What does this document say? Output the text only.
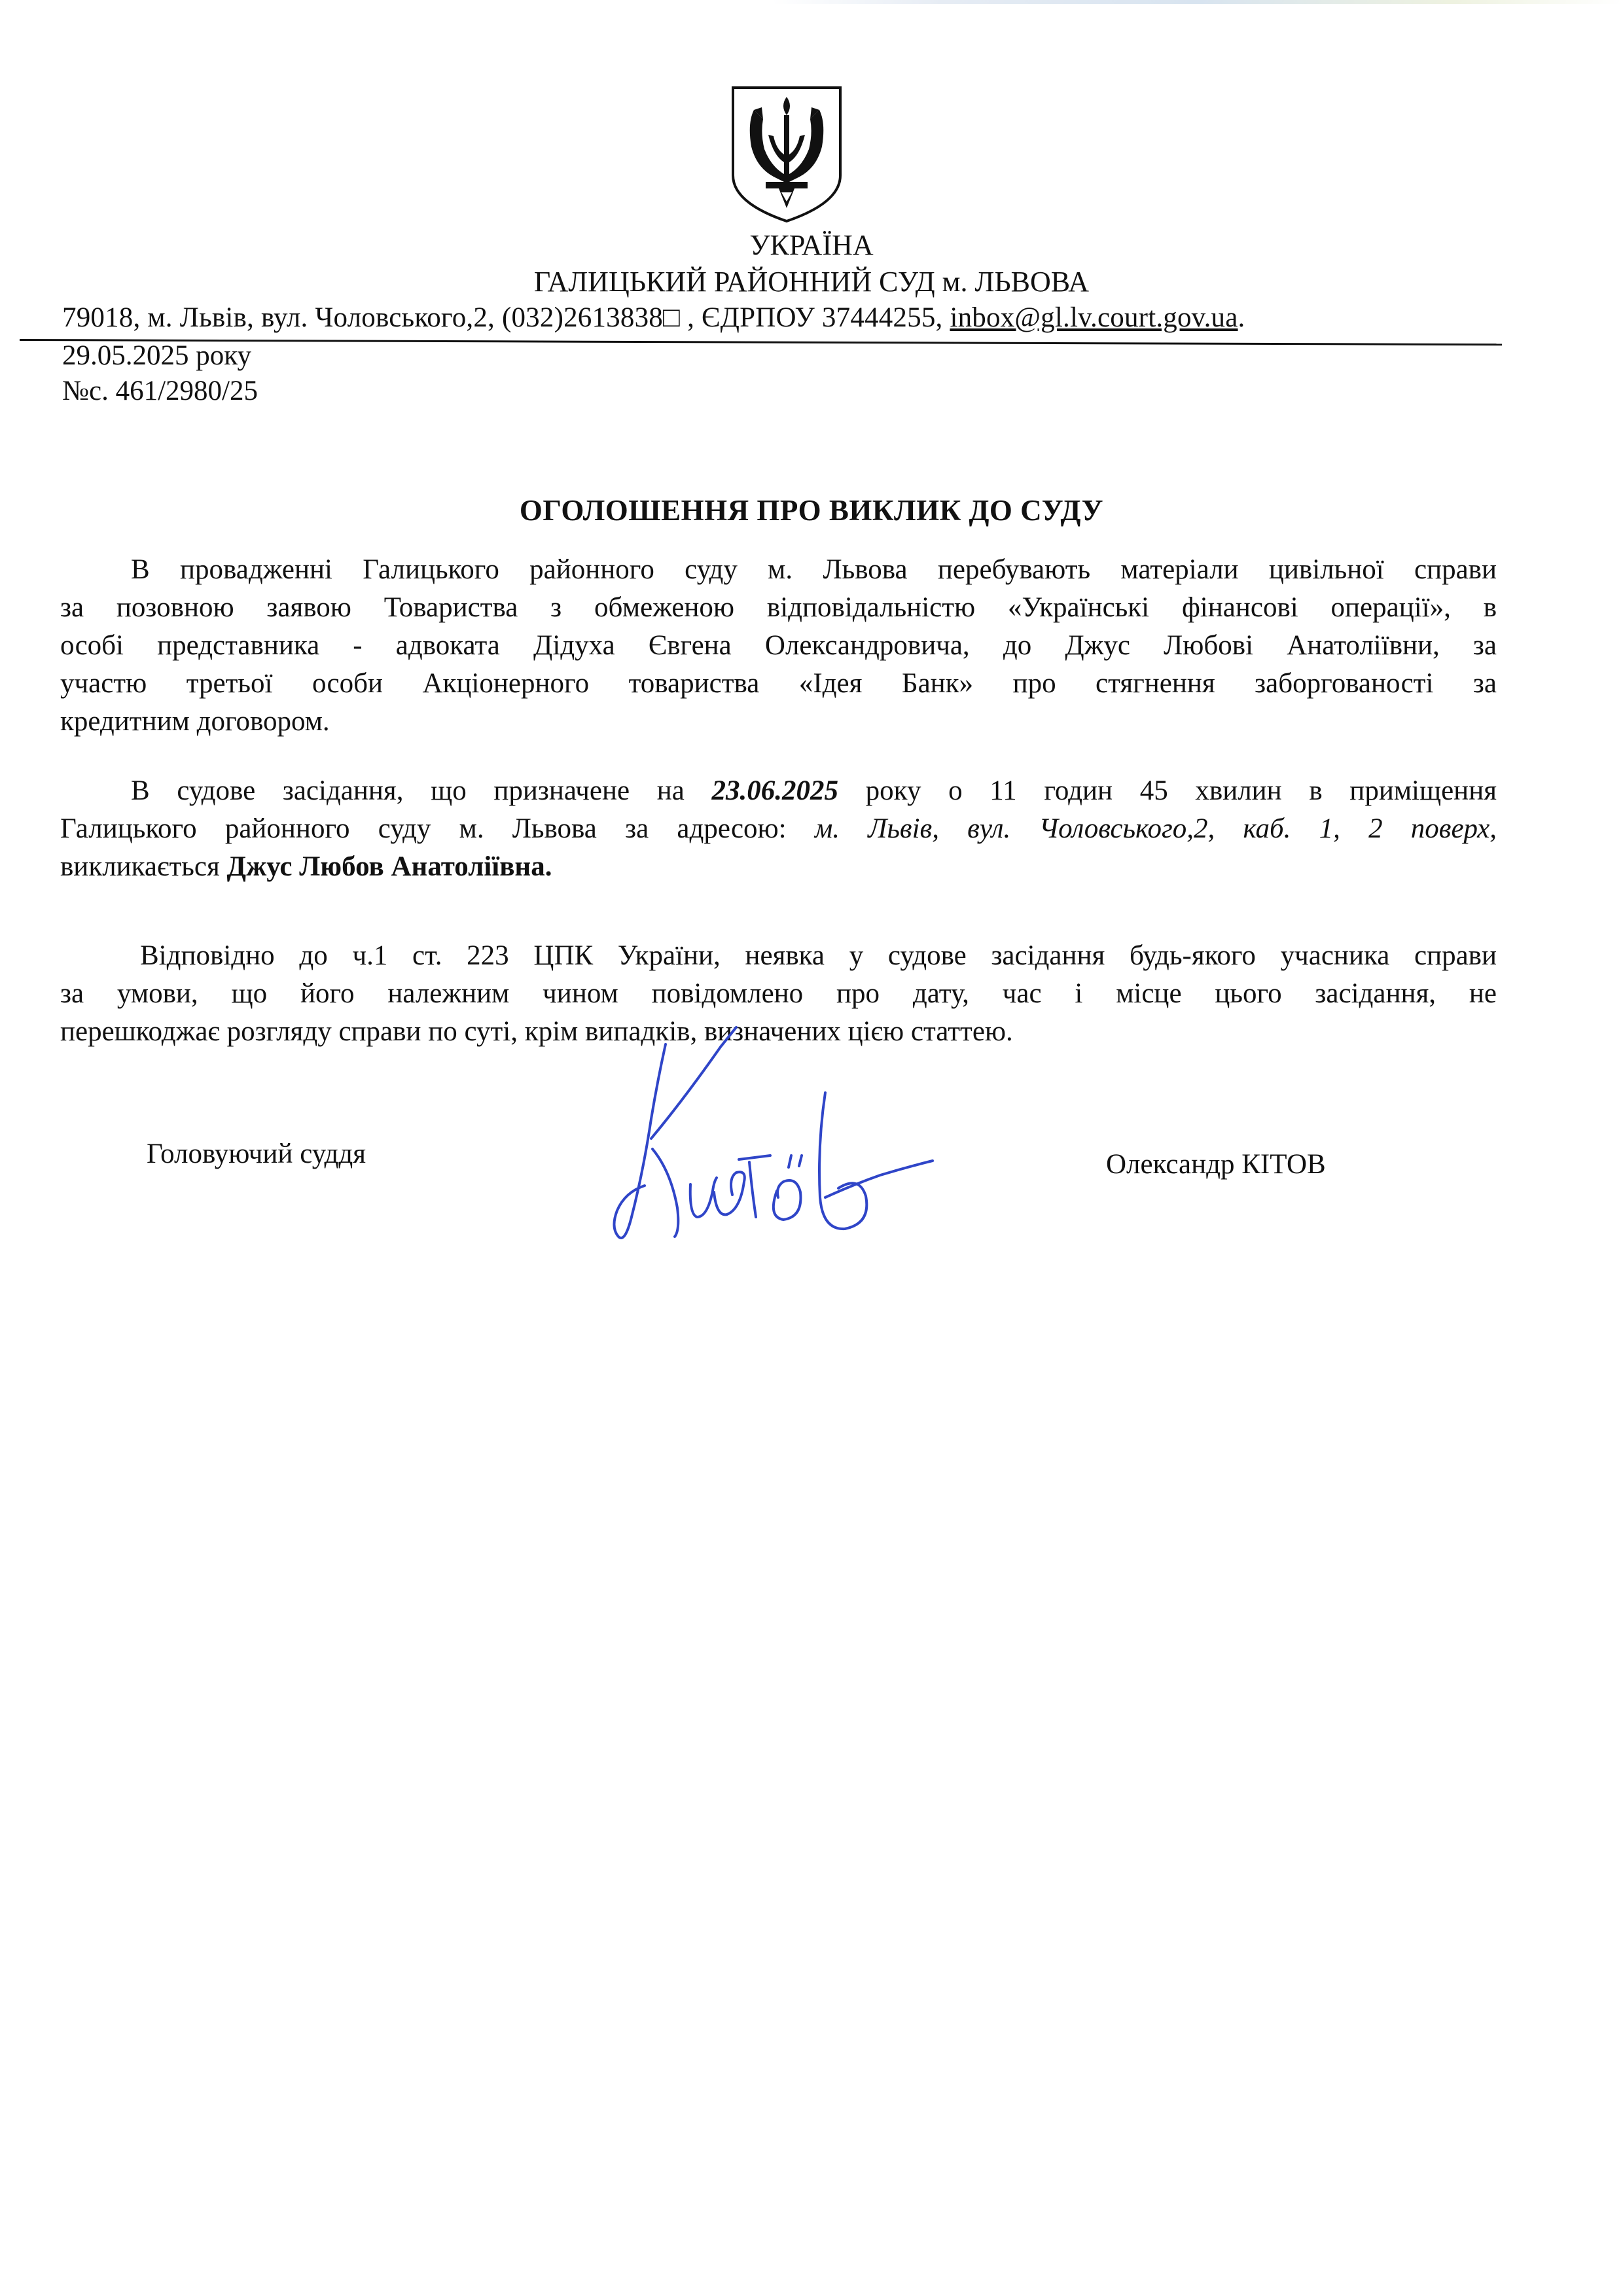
УКРАЇНА
ГАЛИЦЬКИЙ РАЙОННИЙ СУД м. ЛЬВОВА
79018, м. Львів, вул. Чоловського,2, (032)2613838□ , ЄДРПОУ 37444255, inbox@gl.lv.court.gov.ua.
29.05.2025 року
№с. 461/2980/25
ОГОЛОШЕННЯ ПРО ВИКЛИК ДО СУДУ
В провадженні Галицького районного суду м. Львова перебувають матеріали цивільної справи
за позовною заявою Товариства з обмеженою відповідальністю «Українські фінансові операції», в
особі представника - адвоката Дідуха Євгена Олександровича, до Джус Любові Анатоліївни, за
участю третьої особи Акціонерного товариства «Ідея Банк» про стягнення заборгованості за
кредитним договором.
В судове засідання, що призначене на 23.06.2025 року о 11 годин 45 хвилин в приміщення
Галицького районного суду м. Львова за адресою: м. Львів, вул. Чоловського,2, каб. 1, 2 поверх,
викликається Джус Любов Анатоліївна.
Відповідно до ч.1 ст. 223 ЦПК України, неявка у судове засідання будь-якого учасника справи
за умови, що його належним чином повідомлено про дату, час і місце цього засідання, не
перешкоджає розгляду справи по суті, крім випадків, визначених цією статтею.
Головуючий суддя	Олександр КІТОВ
